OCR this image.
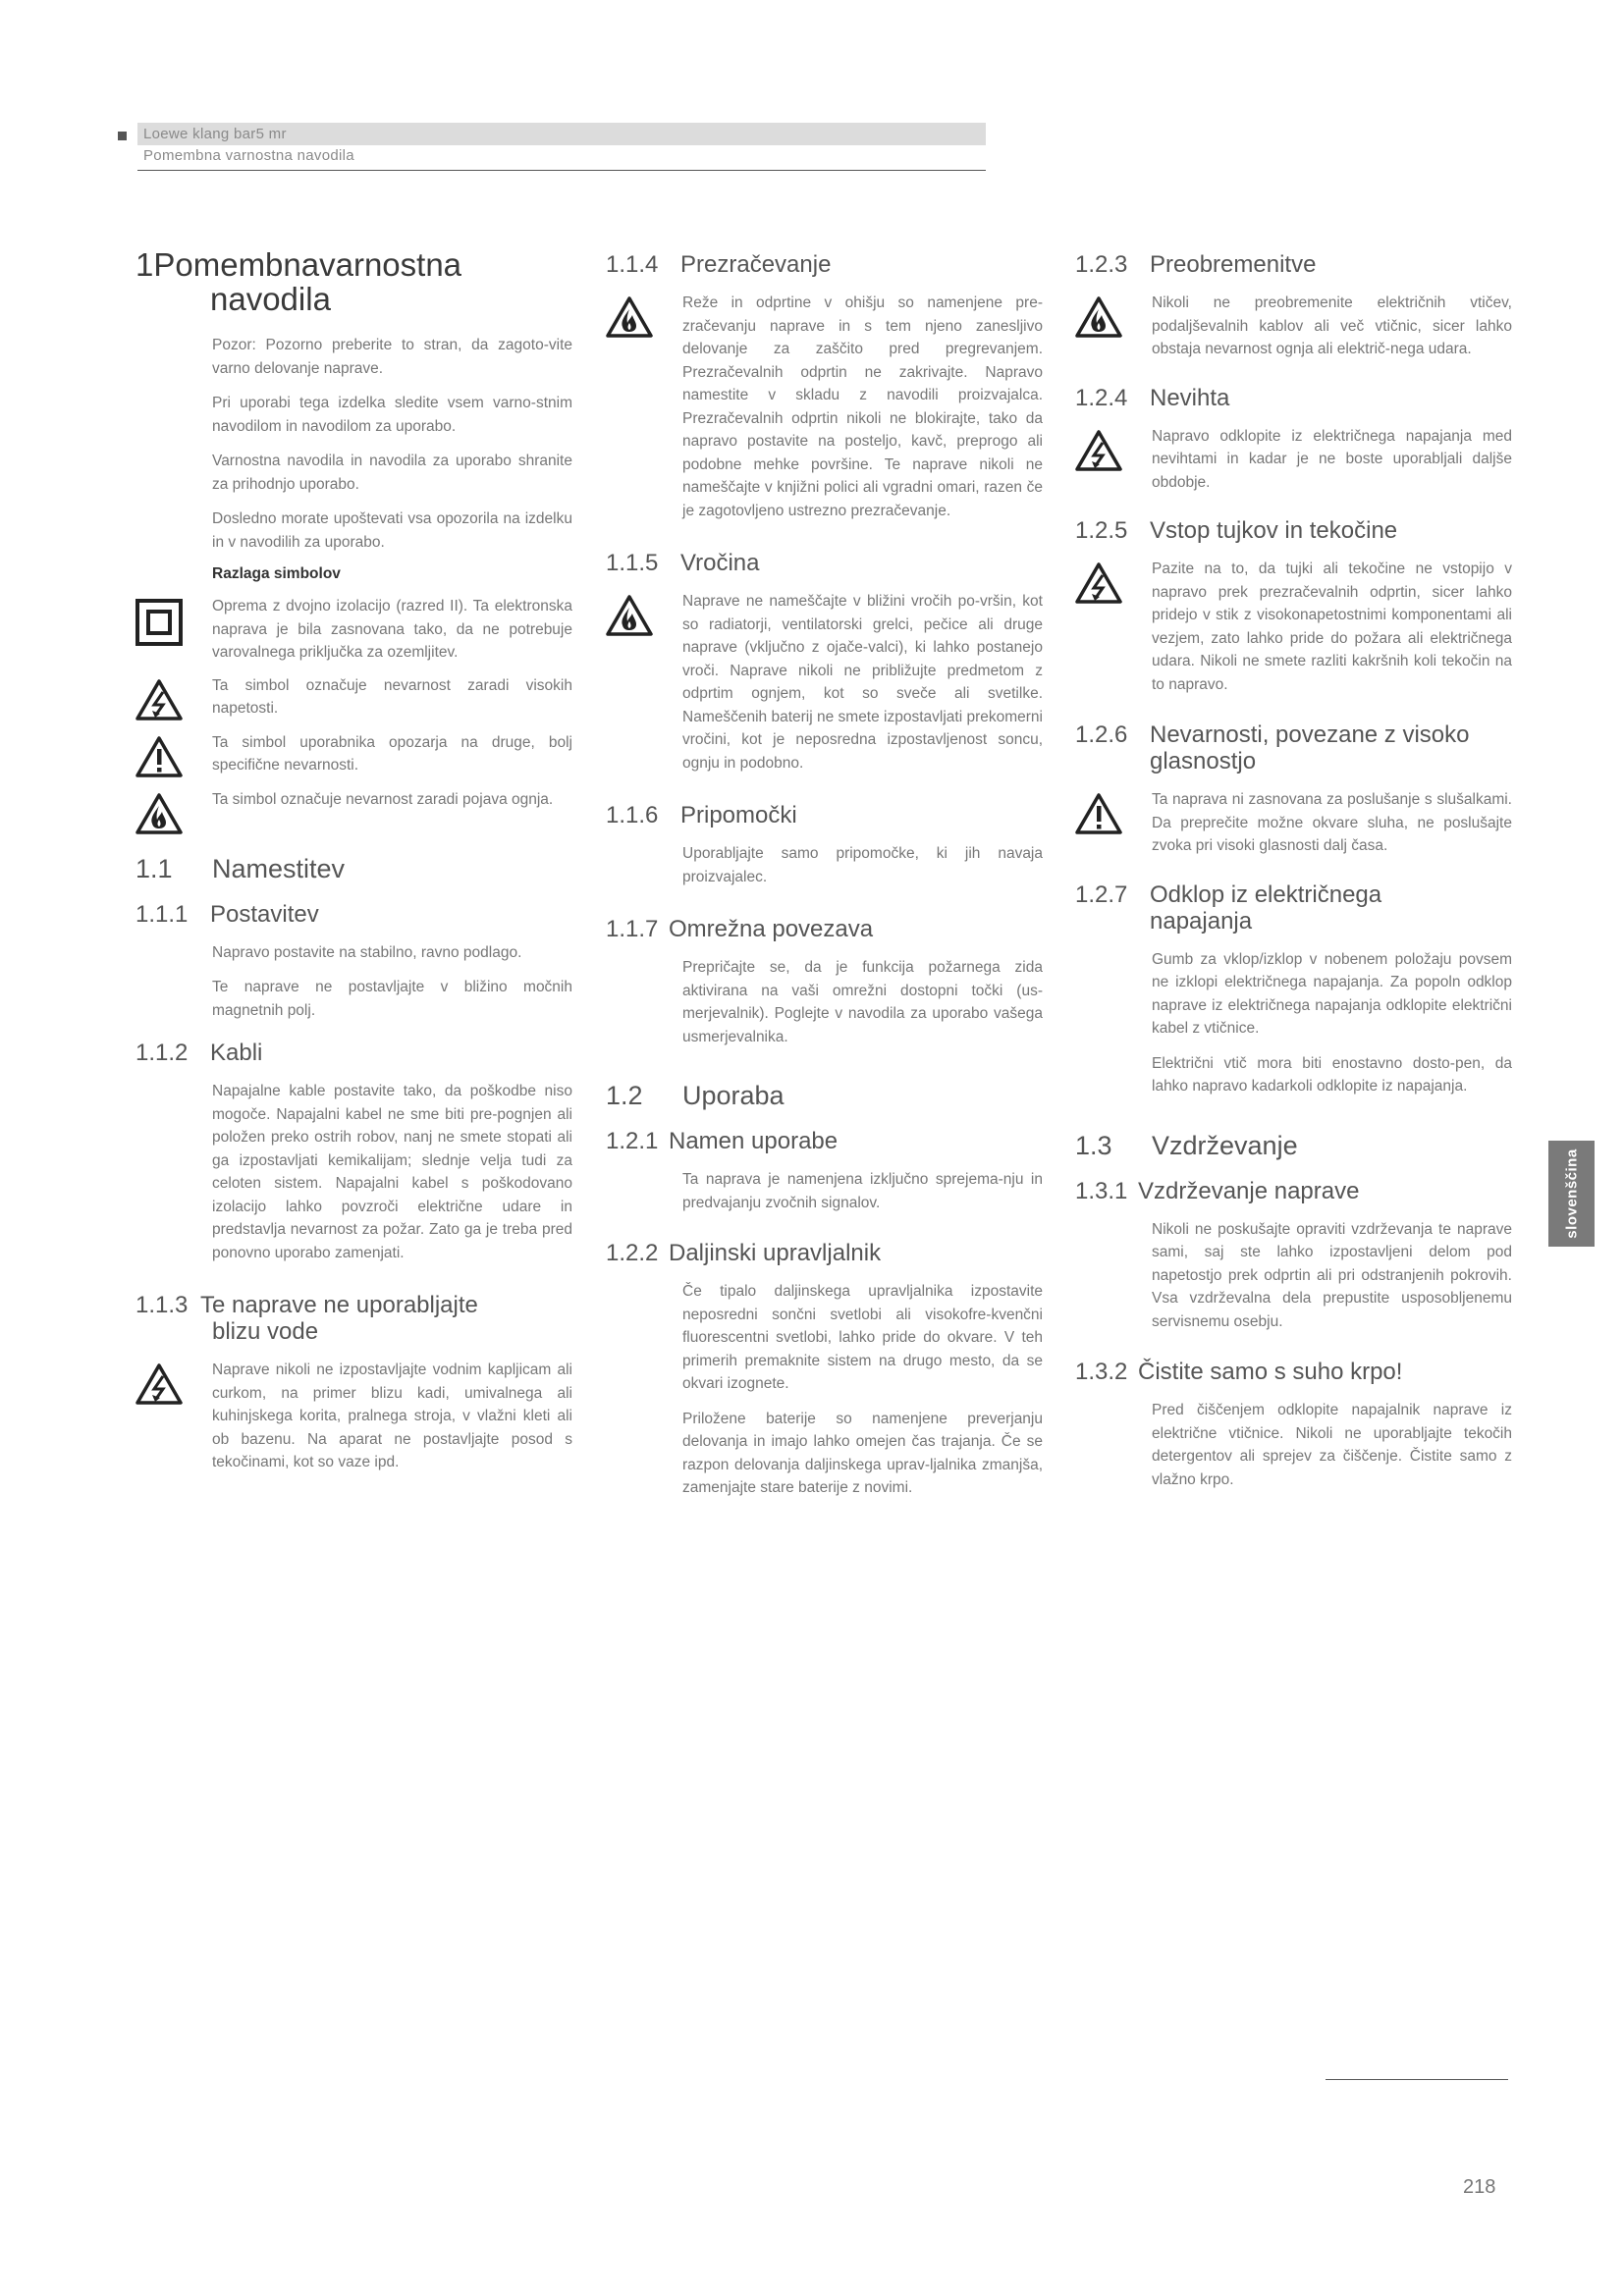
Loewe klang bar5 mr
Pomembna varnostna navodila
1Pomembnavarnostna
navodila

Pozor: Pozorno preberite to stran, da zagoto-vite varno delovanje naprave.

Pri uporabi tega izdelka sledite vsem varno-stnim navodilom in navodilom za uporabo.

Varnostna navodila in navodila za uporabo shranite za prihodnjo uporabo.

Dosledno morate upoštevati vsa opozorila na izdelku in v navodilih za uporabo.

Razlaga simbolov

Oprema z dvojno izolacijo (razred II). Ta elektronska naprava je bila zasnovana tako, da ne potrebuje varovalnega priključka za ozemljitev.

Ta simbol označuje nevarnost zaradi visokih napetosti.

Ta simbol uporabnika opozarja na druge, bolj specifične nevarnosti.

Ta simbol označuje nevarnost zaradi pojava ognja.

1.1	Namestitev
1.1.1 Postavitev

Napravo postavite na stabilno, ravno podlago.

Te naprave ne postavljajte v bližino močnih magnetnih polj.

1.1.2 Kabli

Napajalne kable postavite tako, da poškodbe niso mogoče. Napajalni kabel ne sme biti pre-pognjen ali položen preko ostrih robov, nanj ne smete stopati ali ga izpostavljati kemikalijam; slednje velja tudi za celoten sistem. Napajalni kabel s poškodovano izolacijo lahko povzroči električne udare in predstavlja nevarnost za požar. Zato ga je treba pred ponovno uporabo zamenjati.

1.1.3 Te naprave ne uporabljajte
blizu vode

Naprave nikoli ne izpostavljajte vodnim kapljicam ali curkom, na primer blizu kadi, umivalnega ali kuhinjskega korita, pralnega stroja, v vlažni kleti ali ob bazenu. Na aparat ne postavljajte posod s tekočinami, kot so vaze ipd.

1.1.4 Prezračevanje

Reže in odprtine v ohišju so namenjene pre-zračevanju naprave in s tem njeno zanesljivo delovanje za zaščito pred pregrevanjem. Prezračevalnih odprtin ne zakrivajte. Napravo namestite v skladu z navodili proizvajalca. Prezračevalnih odprtin nikoli ne blokirajte, tako da napravo postavite na posteljo, kavč, preprogo ali podobne mehke površine. Te naprave nikoli ne nameščajte v knjižni polici ali vgradni omari, razen če je zagotovljeno ustrezno prezračevanje.

1.1.5 Vročina

Naprave ne nameščajte v bližini vročih po-vršin, kot so radiatorji, ventilatorski grelci, pečice ali druge naprave (vključno z ojače-valci), ki lahko postanejo vroči. Naprave nikoli ne približujte predmetom z odprtim ognjem, kot so sveče ali svetilke. Nameščenih baterij ne smete izpostavljati prekomerni vročini, kot je neposredna izpostavljenost soncu, ognju in podobno.

1.1.6 Pripomočki

Uporabljajte samo pripomočke, ki jih navaja proizvajalec.

1.1.7 Omrežna povezava

Prepričajte se, da je funkcija požarnega zida aktivirana na vaši omrežni dostopni točki (us-merjevalnik). Poglejte v navodila za uporabo vašega usmerjevalnika.

1.2	Uporaba
1.2.1 Namen uporabe

Ta naprava je namenjena izključno sprejema-nju in predvajanju zvočnih signalov.

1.2.2 Daljinski upravljalnik

Če tipalo daljinskega upravljalnika izpostavite neposredni sončni svetlobi ali visokofre-kvenčni fluorescentni svetlobi, lahko pride do okvare. V teh primerih premaknite sistem na drugo mesto, da se okvari izognete.

Priložene baterije so namenjene preverjanju delovanja in imajo lahko omejen čas trajanja. Če se razpon delovanja daljinskega uprav-ljalnika zmanjša, zamenjajte stare baterije z novimi.

1.2.3 Preobremenitve

Nikoli ne preobremenite električnih vtičev, podaljševalnih kablov ali več vtičnic, sicer lahko obstaja nevarnost ognja ali električ-nega udara.

1.2.4 Nevihta

Napravo odklopite iz električnega napajanja med nevihtami in kadar je ne boste uporabljali daljše obdobje.

1.2.5 Vstop tujkov in tekočine

Pazite na to, da tujki ali tekočine ne vstopijo v napravo prek prezračevalnih odprtin, sicer lahko pridejo v stik z visokonapetostnimi komponentami ali vezjem, zato lahko pride do požara ali električnega udara. Nikoli ne smete razliti kakršnih koli tekočin na to napravo.

1.2.6 Nevarnosti, povezane z visoko
glasnostjo

Ta naprava ni zasnovana za poslušanje s slušalkami. Da preprečite možne okvare sluha, ne poslušajte zvoka pri visoki glasnosti dalj časa.

1.2.7 Odklop iz električnega
napajanja

Gumb za vklop/izklop v nobenem položaju povsem ne izklopi električnega napajanja. Za popoln odklop naprave iz električnega napajanja odklopite električni kabel z vtičnice.

Električni vtič mora biti enostavno dosto-pen, da lahko napravo kadarkoli odklopite iz napajanja.

1.3	Vzdrževanje
1.3.1 Vzdrževanje naprave

Nikoli ne poskušajte opraviti vzdrževanja te naprave sami, saj ste lahko izpostavljeni delom pod napetostjo prek odprtin ali pri odstranjenih pokrovih. Vsa vzdrževalna dela prepustite usposobljenemu servisnemu osebju.

1.3.2 Čistite samo s suho krpo!

Pred čiščenjem odklopite napajalnik naprave iz električne vtičnice. Nikoli ne uporabljajte tekočih detergentov ali sprejev za čiščenje. Čistite samo z vlažno krpo.

slovenščina
218
